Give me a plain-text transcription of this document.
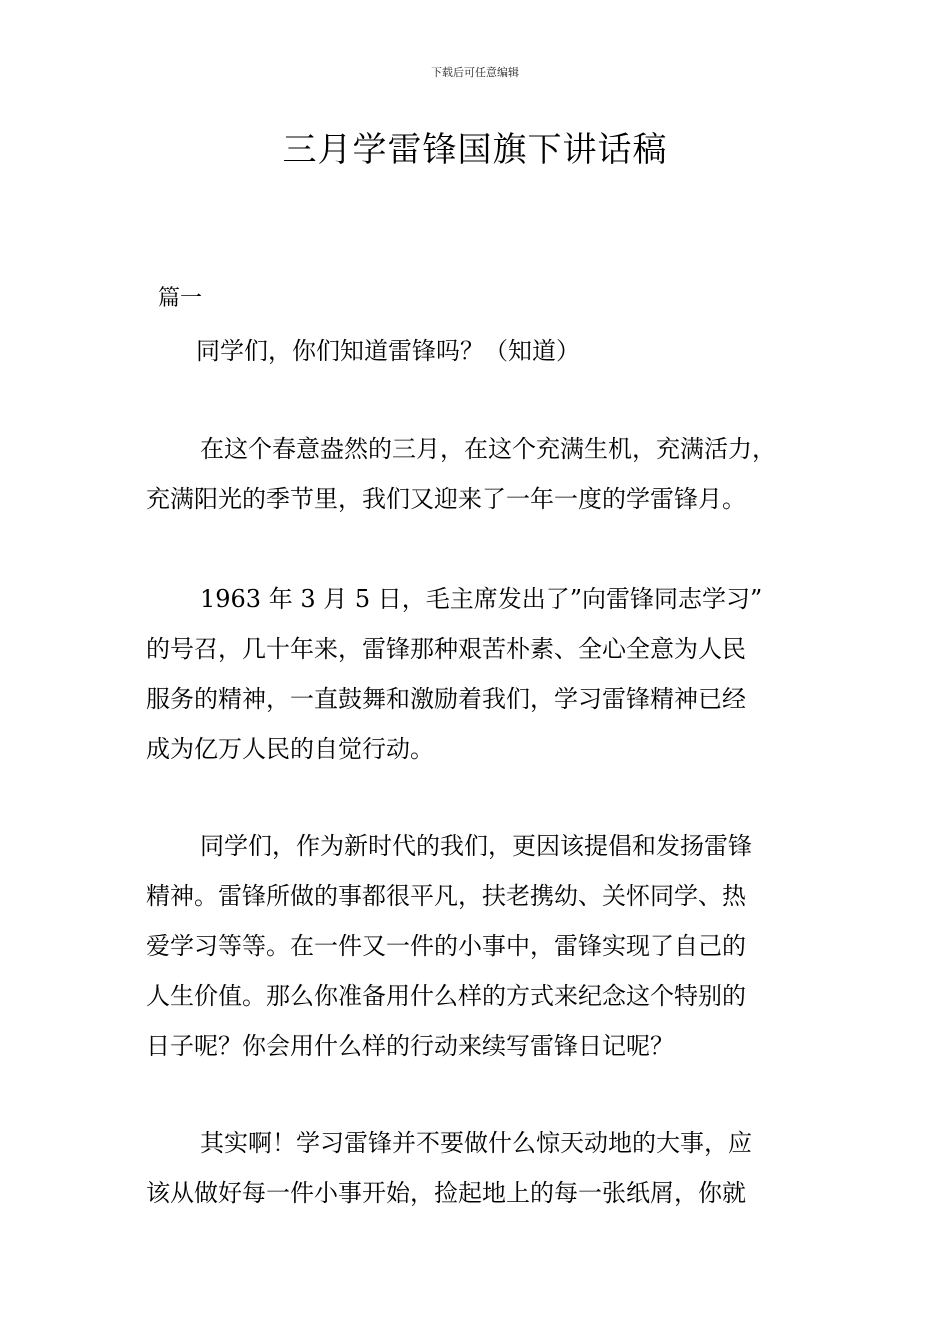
下载后可任意编辑
三月学雷锋国旗下讲话稿
篇一
同学们，你们知道雷锋吗？（知道）
在这个春意盎然的三月，在这个充满生机，充满活力，
充满阳光的季节里，我们又迎来了一年一度的学雷锋月。
1963 年 3 月 5 日，毛主席发出了”向雷锋同志学习”
的号召，几十年来，雷锋那种艰苦朴素、全心全意为人民
服务的精神，一直鼓舞和激励着我们，学习雷锋精神已经
成为亿万人民的自觉行动。
同学们，作为新时代的我们，更因该提倡和发扬雷锋
精神。雷锋所做的事都很平凡，扶老携幼、关怀同学、热
爱学习等等。在一件又一件的小事中，雷锋实现了自己的
人生价值。那么你准备用什么样的方式来纪念这个特别的
日子呢？你会用什么样的行动来续写雷锋日记呢？
其实啊！学习雷锋并不要做什么惊天动地的大事，应
该从做好每一件小事开始，捡起地上的每一张纸屑，你就
